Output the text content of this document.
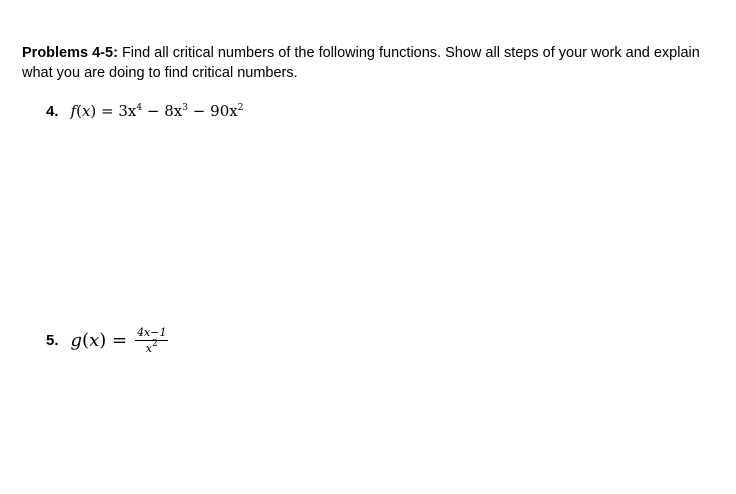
Problems 4-5: Find all critical numbers of the following functions. Show all steps of your work and explain what you are doing to find critical numbers.
4. $f(x) = 3x^4 - 8x^3 - 90x^2$
5. $g(x) = \frac{4x-1}{x^2}$
